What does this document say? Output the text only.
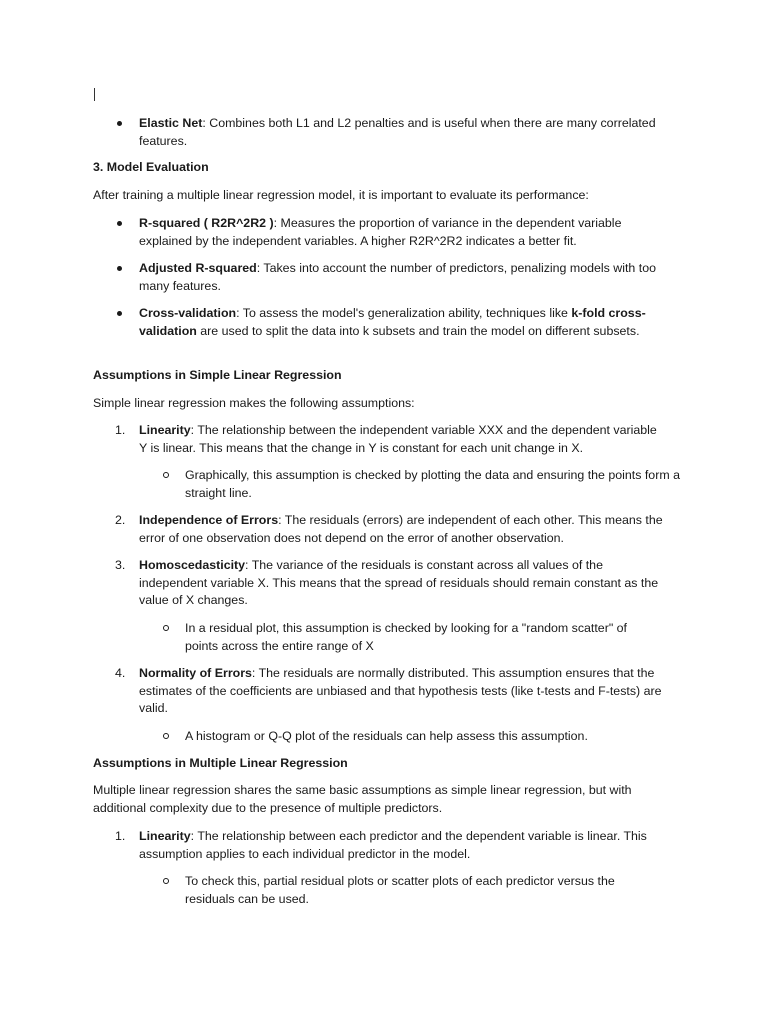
Elastic Net: Combines both L1 and L2 penalties and is useful when there are many correlated features.
3. Model Evaluation
After training a multiple linear regression model, it is important to evaluate its performance:
R-squared ( R2R^2R2 ): Measures the proportion of variance in the dependent variable explained by the independent variables. A higher R2R^2R2 indicates a better fit.
Adjusted R-squared: Takes into account the number of predictors, penalizing models with too many features.
Cross-validation: To assess the model's generalization ability, techniques like k-fold cross-validation are used to split the data into k subsets and train the model on different subsets.
Assumptions in Simple Linear Regression
Simple linear regression makes the following assumptions:
1.	Linearity: The relationship between the independent variable XXX and the dependent variable Y is linear. This means that the change in Y is constant for each unit change in X.
Graphically, this assumption is checked by plotting the data and ensuring the points form a straight line.
2.	Independence of Errors: The residuals (errors) are independent of each other. This means the error of one observation does not depend on the error of another observation.
3.	Homoscedasticity: The variance of the residuals is constant across all values of the independent variable X. This means that the spread of residuals should remain constant as the value of X changes.
In a residual plot, this assumption is checked by looking for a "random scatter" of points across the entire range of X
4.	Normality of Errors: The residuals are normally distributed. This assumption ensures that the estimates of the coefficients are unbiased and that hypothesis tests (like t-tests and F-tests) are valid.
A histogram or Q-Q plot of the residuals can help assess this assumption.
Assumptions in Multiple Linear Regression
Multiple linear regression shares the same basic assumptions as simple linear regression, but with additional complexity due to the presence of multiple predictors.
1.	Linearity: The relationship between each predictor and the dependent variable is linear. This assumption applies to each individual predictor in the model.
To check this, partial residual plots or scatter plots of each predictor versus the residuals can be used.
